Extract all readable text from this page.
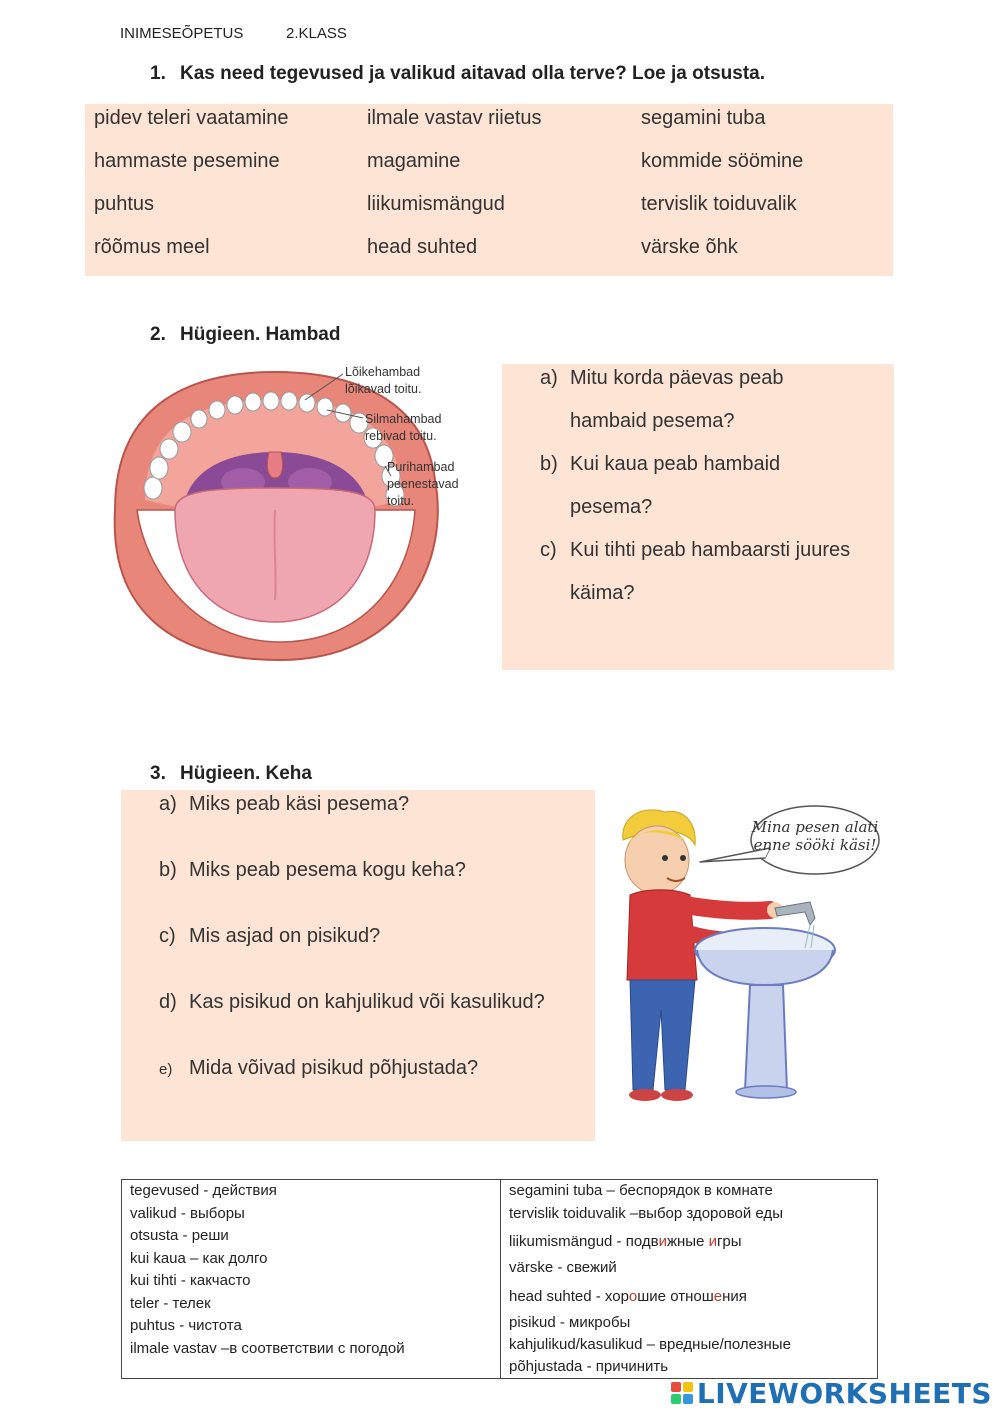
INIMESEÕPETUS	2.KLASS
1. Kas need tegevused ja valikud aitavad olla terve? Loe ja otsusta.
pidev teleri vaatamine	ilmale vastav riietus	segamini tuba
hammaste pesemine	magamine	kommide söömine
puhtus	liikumismängud	tervislik toiduvalik
rõõmus meel	head suhted	värske õhk
2. Hügieen. Hambad
Lõikehambad
lõikavad toitu.
Silmahambad
rebivad toitu.
Purihambad
peenestavad
toitu.
a) Mitu korda päevas peab
hambaid pesema?
b) Kui kaua peab hambaid
pesema?
c) Kui tihti peab hambaarsti juures
käima?
3. Hügieen. Keha
a) Miks peab käsi pesema?
b) Miks peab pesema kogu keha?
c) Mis asjad on pisikud?
d) Kas pisikud on kahjulikud või kasulikud?
e) Mida võivad pisikud põhjustada?
Mina pesen alati
enne sööki käsi!
tegevused - действия
valikud - выборы
otsusta - реши
kui kaua – как долго
kui tihti - какчасто
teler - телек
puhtus - чистота
ilmale vastav –в соответствии с погодой
segamini tuba – беспорядок в комнате
tervislik toiduvalik –выбор здоровой еды
liikumismängud - подвижные игры
värske - свежий
head suhted - хорошие отношения
pisikud - микробы
kahjulikud/kasulikud – вредные/полезные
põhjustada - причинить
LIVEWORKSHEETS
